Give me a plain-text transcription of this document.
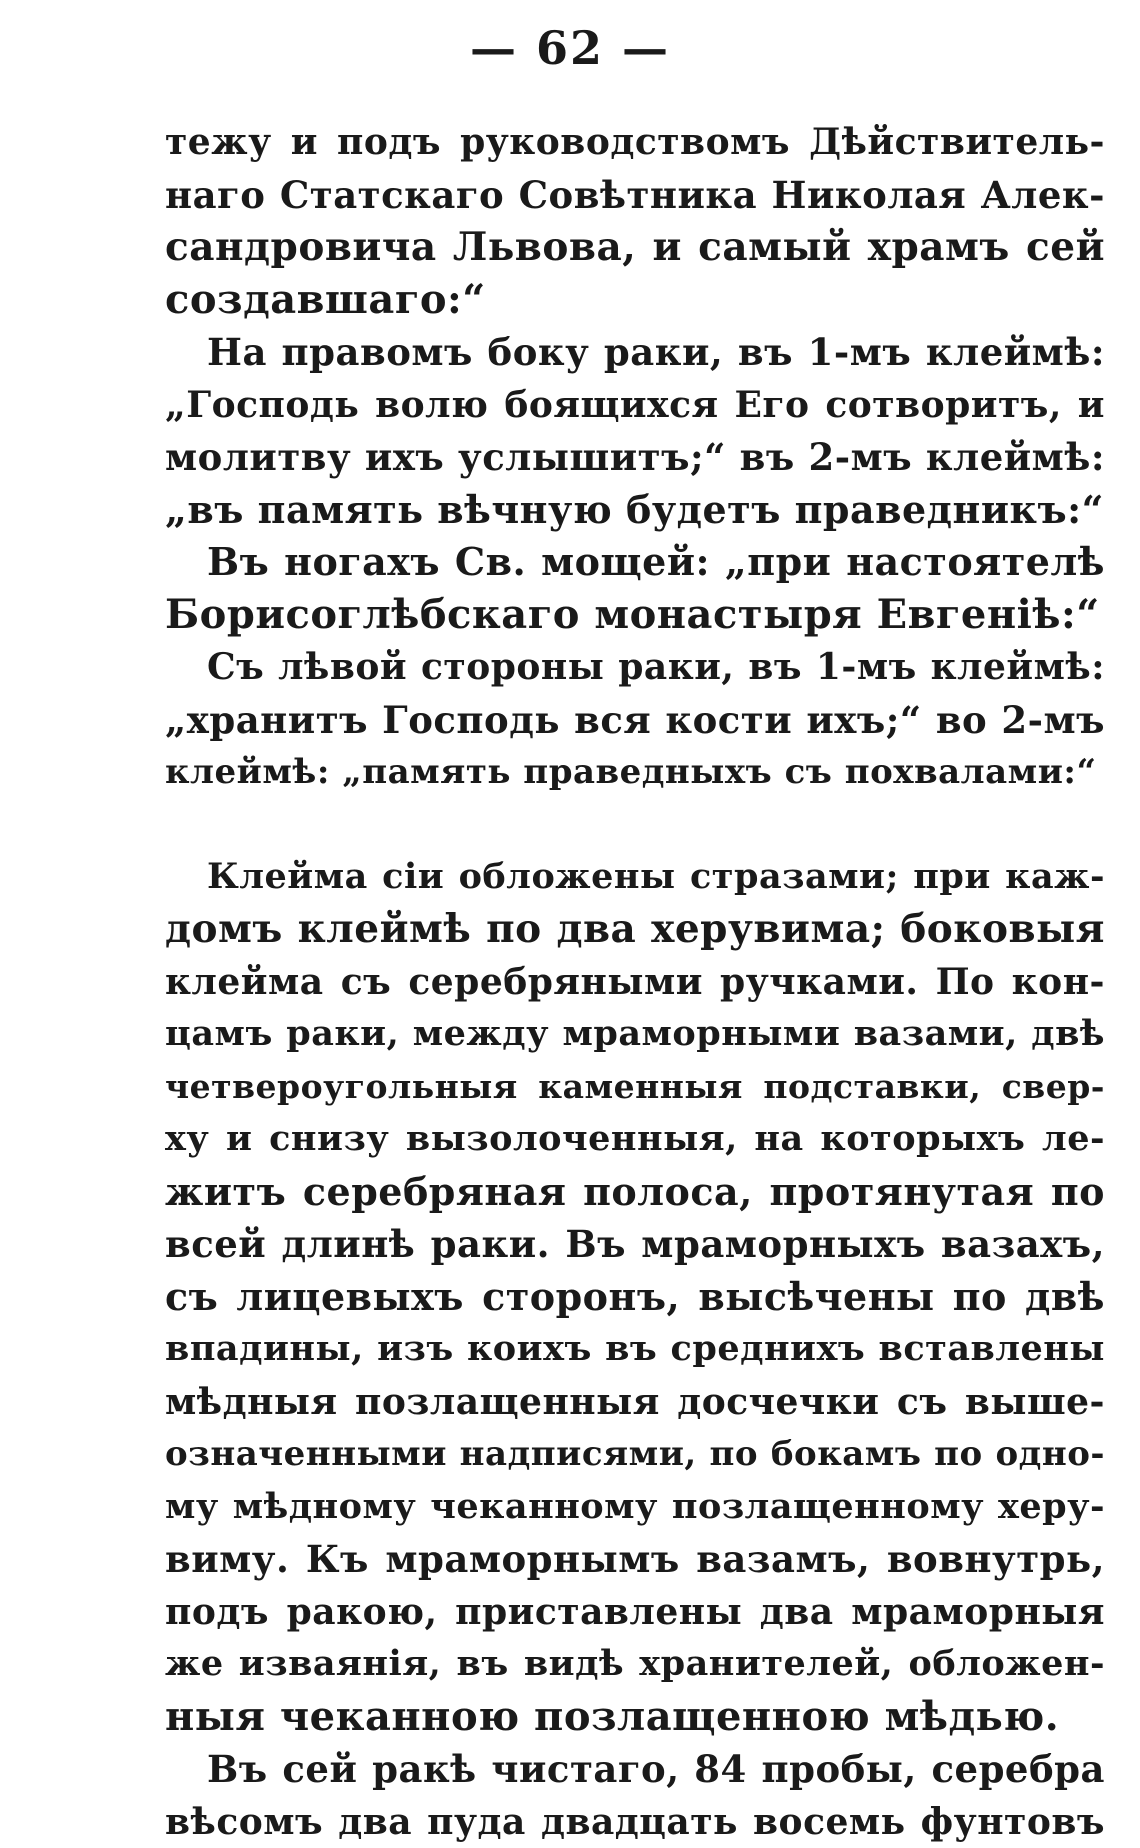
— 62 —
тежу и подъ руководствомъ Дѣйствитель-
наго Статскаго Совѣтника Николая Алек-
сандровича Львова, и самый храмъ сей
создавшаго:“
На правомъ боку раки, въ 1-мъ клеймѣ:
„Господь волю боящихся Его сотворитъ, и
молитву ихъ услышитъ;“ въ 2-мъ клеймѣ:
„въ память вѣчную будетъ праведникъ:“
Въ ногахъ Св. мощей: „при настоятелѣ
Борисоглѣбскаго монастыря Евгеніѣ:“
Съ лѣвой стороны раки, въ 1-мъ клеймѣ:
„хранитъ Господь вся кости ихъ;“ во 2-мъ
клеймѣ: „память праведныхъ съ похвалами:“
Клейма сіи обложены стразами; при каж-
домъ клеймѣ по два херувима; боковыя
клейма съ серебряными ручками. По кон-
цамъ раки, между мраморными вазами, двѣ
четвероугольныя каменныя подставки, свер-
ху и снизу вызолоченныя, на которыхъ ле-
житъ серебряная полоса, протянутая по
всей длинѣ раки. Въ мраморныхъ вазахъ,
съ лицевыхъ сторонъ, высѣчены по двѣ
впадины, изъ коихъ въ среднихъ вставлены
мѣдныя позлащенныя досчечки съ выше-
означенными надписями, по бокамъ по одно-
му мѣдному чеканному позлащенному херу-
виму. Къ мраморнымъ вазамъ, вовнутрь,
подъ ракою, приставлены два мраморныя
же изваянія, въ видѣ хранителей, обложен-
ныя чеканною позлащенною мѣдью.
Въ сей ракѣ чистаго, 84 пробы, серебра
вѣсомъ два пуда двадцать восемь фунтовъ
